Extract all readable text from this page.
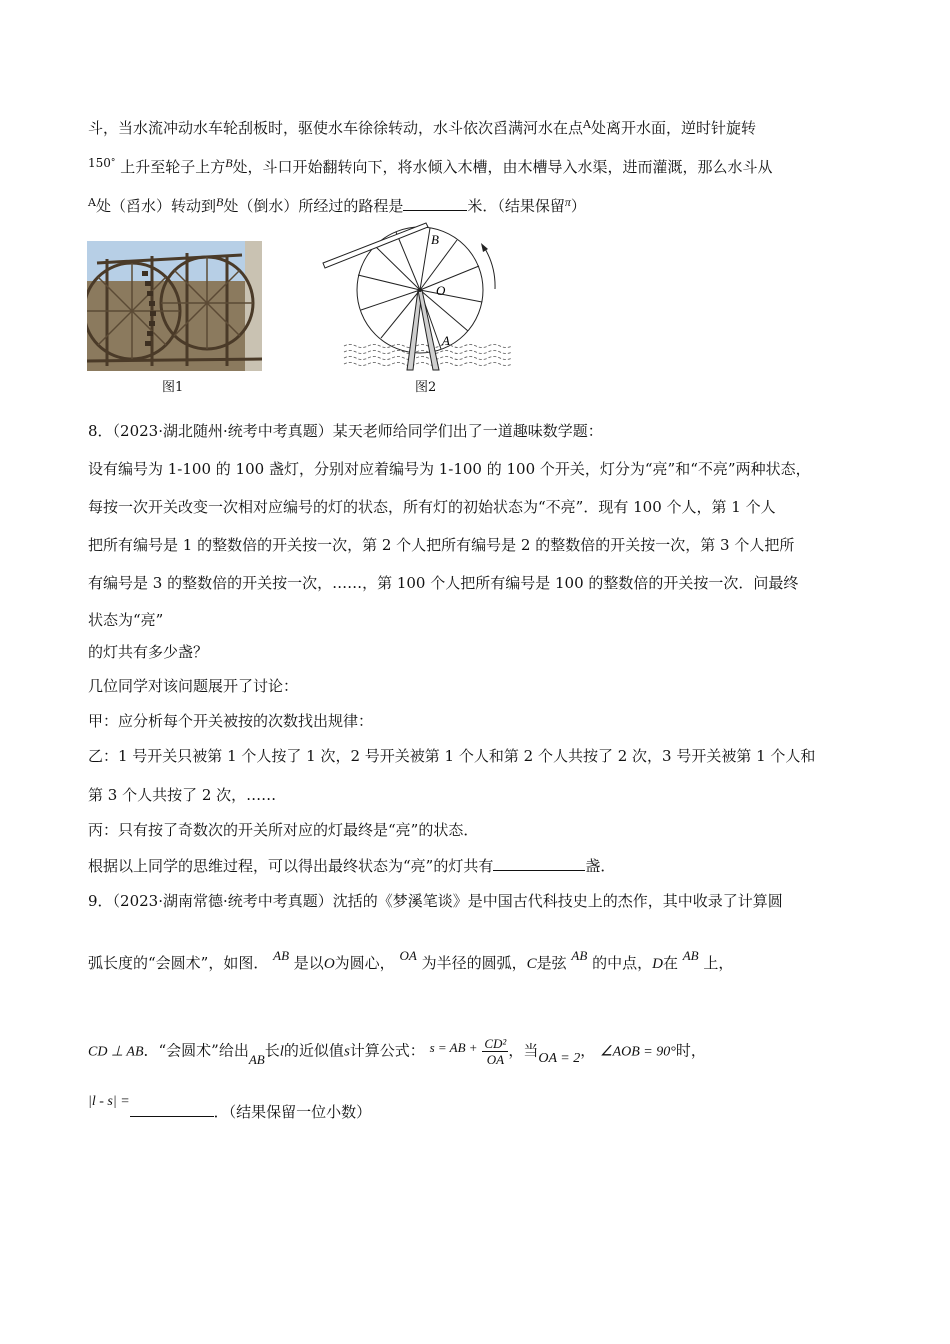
斗，当水流冲动水车轮刮板时，驱使水车徐徐转动，水斗依次舀满河水在点$^A$处离开水面，逆时针旋转
$^{150^\circ}$ 上升至轮子上方$^B$处，斗口开始翻转向下，将水倾入木槽，由木槽导入水渠，进而灌溉，那么水斗从
$^A$处（舀水）转动到$^B$处（倒水）所经过的路程是	米．（结果保留$^\pi$）
图1
B
O
A
图2
8．（2023·湖北随州·统考中考真题）某天老师给同学们出了一道趣味数学题：
设有编号为 1-100 的 100 盏灯，分别对应着编号为 1-100 的 100 个开关，灯分为“亮”和“不亮”两种状态，
每按一次开关改变一次相对应编号的灯的状态，所有灯的初始状态为“不亮”．现有 100 个人，第 1 个人
把所有编号是 1 的整数倍的开关按一次，第 2 个人把所有编号是 2 的整数倍的开关按一次，第 3 个人把所
有编号是 3 的整数倍的开关按一次，……，第 100 个人把所有编号是 100 的整数倍的开关按一次．问最终
状态为“亮”
的灯共有多少盏？
几位同学对该问题展开了讨论：
甲：应分析每个开关被按的次数找出规律：
乙：1 号开关只被第 1 个人按了 1 次，2 号开关被第 1 个人和第 2 个人共按了 2 次，3 号开关被第 1 个人和
第 3 个人共按了 2 次，……
丙：只有按了奇数次的开关所对应的灯最终是“亮”的状态．
根据以上同学的思维过程，可以得出最终状态为“亮”的灯共有	盏．
9．（2023·湖南常德·统考中考真题）沈括的《梦溪笔谈》是中国古代科技史上的杰作，其中收录了计算圆
弧长度的“会圆术”，如图． AB 是以O为圆心， OA 为半径的圆弧，C是弦 AB 的中点，D在 AB 上，
CD ⊥ AB．“会圆术”给出AB长l的近似值s计算公式： s = AB + $\frac{\text{CD²}}{OA}$ ，当OA = 2， ∠AOB = 90°时，
|l - s| =．（结果保留一位小数）
